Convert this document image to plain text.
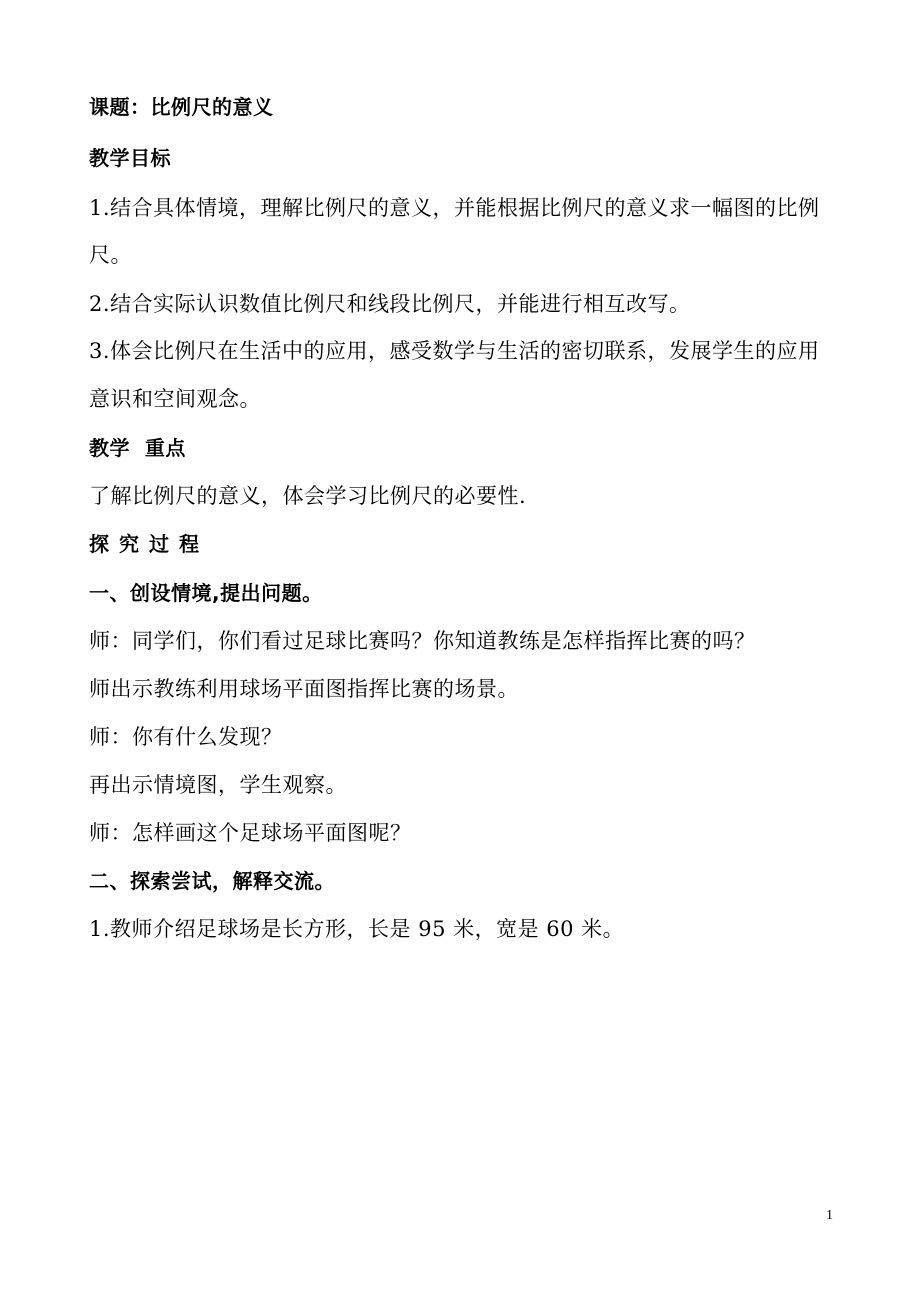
课题：比例尺的意义
教学目标
1.结合具体情境，理解比例尺的意义，并能根据比例尺的意义求一幅图的比例
尺。
2.结合实际认识数值比例尺和线段比例尺，并能进行相互改写。
3.体会比例尺在生活中的应用，感受数学与生活的密切联系，发展学生的应用
意识和空间观念。
教学  重点
了解比例尺的意义，体会学习比例尺的必要性.
探究过程
一、创设情境,提出问题。
师：同学们，你们看过足球比赛吗？你知道教练是怎样指挥比赛的吗？
师出示教练利用球场平面图指挥比赛的场景。
师：你有什么发现？
再出示情境图，学生观察。
师：怎样画这个足球场平面图呢？
二、探索尝试，解释交流。
1.教师介绍足球场是长方形，长是 95 米，宽是 60 米。
1
